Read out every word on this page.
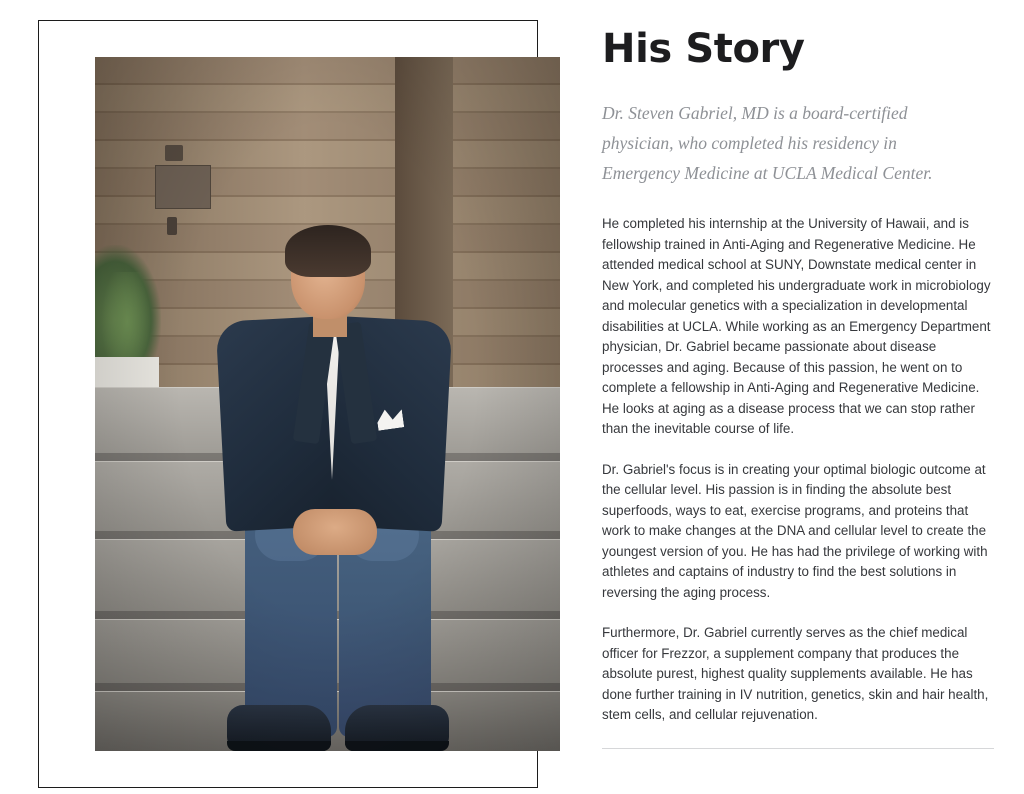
His Story

Dr. Steven Gabriel, MD is a board-certified physician, who completed his residency in Emergency Medicine at UCLA Medical Center.

He completed his internship at the University of Hawaii, and is fellowship trained in Anti-Aging and Regenerative Medicine. He attended medical school at SUNY, Downstate medical center in New York, and completed his undergraduate work in microbiology and molecular genetics with a specialization in developmental disabilities at UCLA. While working as an Emergency Department physician, Dr. Gabriel became passionate about disease processes and aging. Because of this passion, he went on to complete a fellowship in Anti-Aging and Regenerative Medicine. He looks at aging as a disease process that we can stop rather than the inevitable course of life.

Dr. Gabriel's focus is in creating your optimal biologic outcome at the cellular level. His passion is in finding the absolute best superfoods, ways to eat, exercise programs, and proteins that work to make changes at the DNA and cellular level to create the youngest version of you. He has had the privilege of working with athletes and captains of industry to find the best solutions in reversing the aging process.

Furthermore, Dr. Gabriel currently serves as the chief medical officer for Frezzor, a supplement company that produces the absolute purest, highest quality supplements available. He has done further training in IV nutrition, genetics, skin and hair health, stem cells, and cellular rejuvenation.
